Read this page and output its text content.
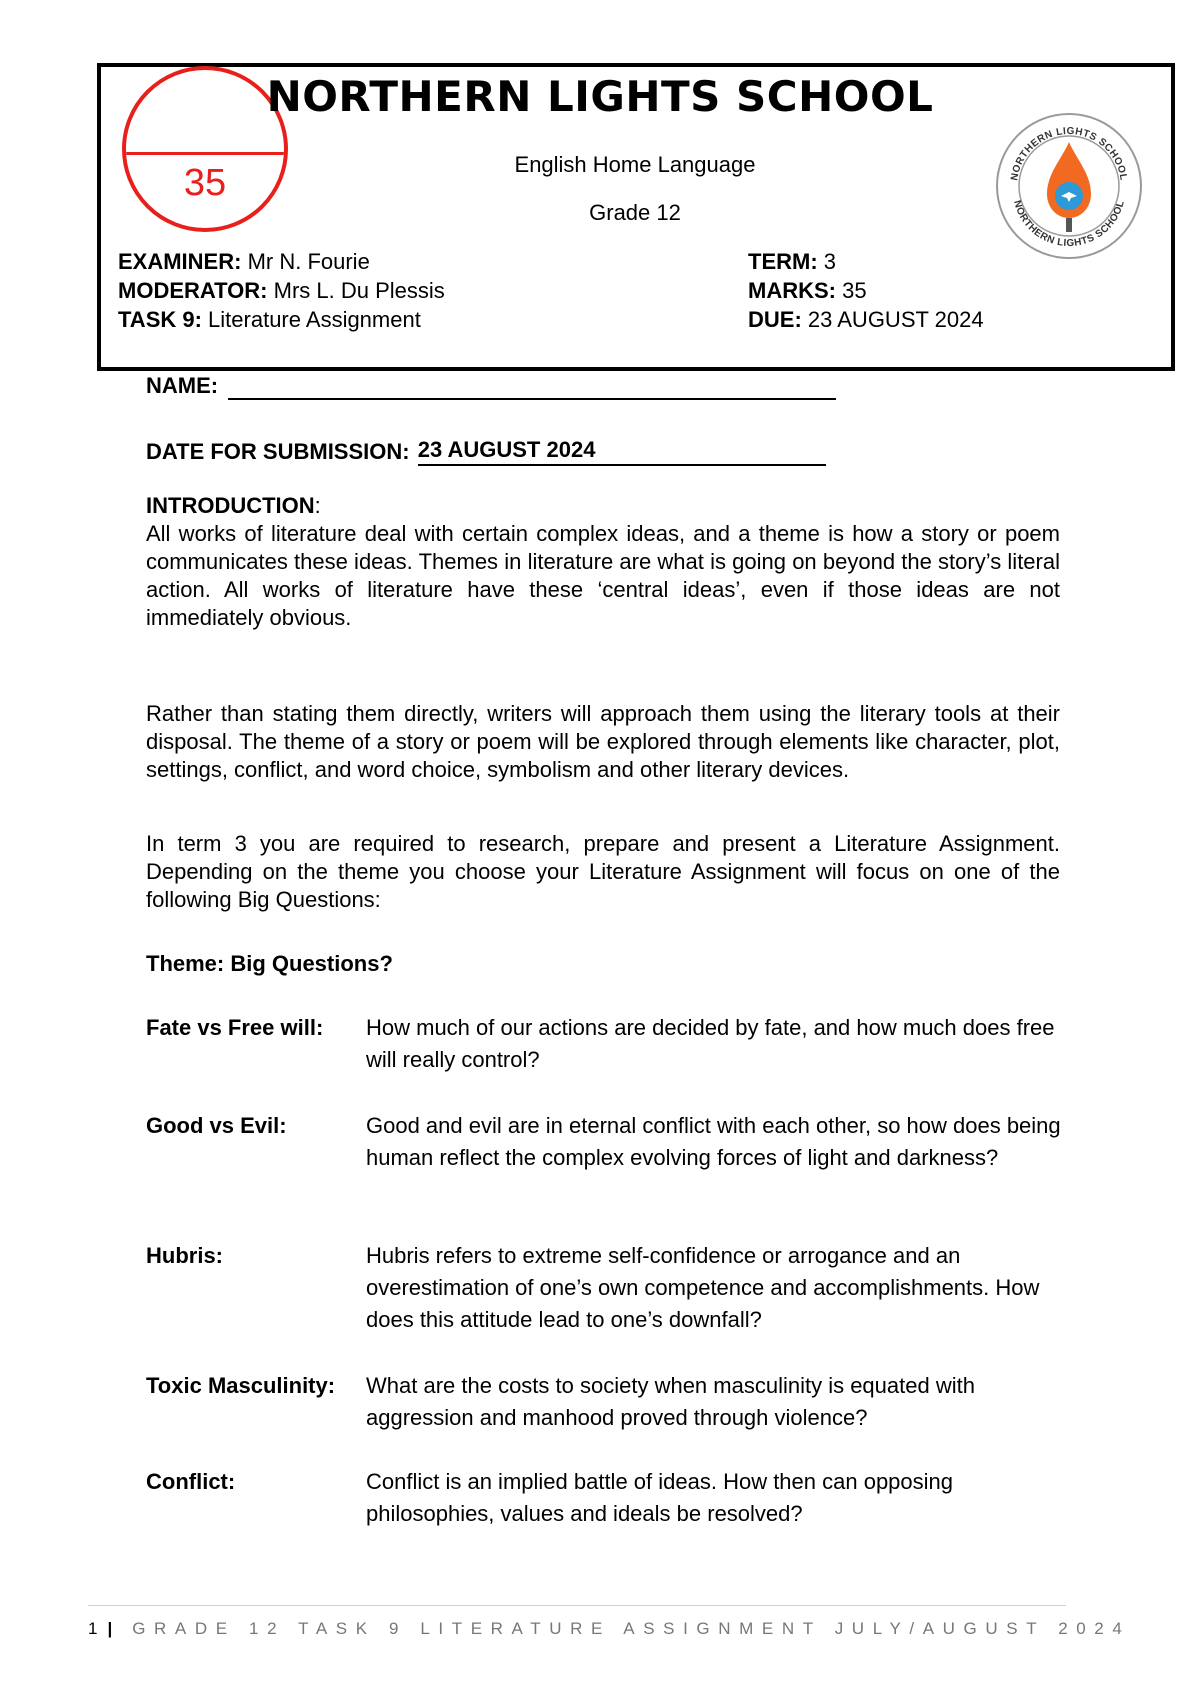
35
NORTHERN LIGHTS SCHOOL
English Home Language
Grade 12
EXAMINER: Mr N. Fourie
MODERATOR: Mrs L. Du Plessis
TASK 9: Literature Assignment
TERM: 3
MARKS: 35
DUE: 23 AUGUST 2024
NORTHERN LIGHTS SCHOOL
NORTHERN LIGHTS SCHOOL
NAME:
DATE FOR SUBMISSION: 23 AUGUST 2024
INTRODUCTION:
All works of literature deal with certain complex ideas, and a theme is how a story or poem communicates these ideas. Themes in literature are what is going on beyond the story’s literal action. All works of literature have these ‘central ideas’, even if those ideas are not immediately obvious.
Rather than stating them directly, writers will approach them using the literary tools at their disposal. The theme of a story or poem will be explored through elements like character, plot, settings, conflict, and word choice, symbolism and other literary devices.
In term 3 you are required to research, prepare and present a Literature Assignment. Depending on the theme you choose your Literature Assignment will focus on one of the following Big Questions:
Theme: Big Questions?
Fate vs Free will: How much of our actions are decided by fate, and how much does free will really control?
Good vs Evil:	Good and evil are in eternal conflict with each other, so how does being human reflect the complex evolving forces of light and darkness?
Hubris:	Hubris refers to extreme self-confidence or arrogance and an overestimation of one’s own competence and accomplishments. How does this attitude lead to one’s downfall?
Toxic Masculinity: What are the costs to society when masculinity is equated with aggression and manhood proved through violence?
Conflict:	Conflict is an implied battle of ideas. How then can opposing philosophies, values and ideals be resolved?
1 | GRADE 12 TASK 9 LITERATURE ASSIGNMENT JULY/AUGUST 2024
